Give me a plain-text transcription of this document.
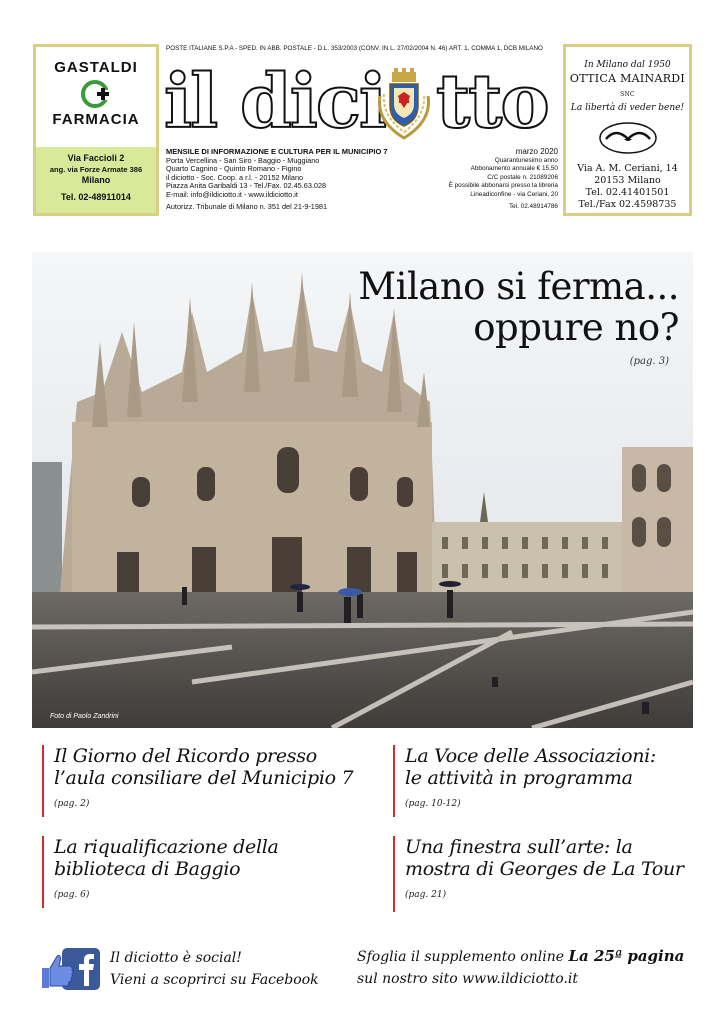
GASTALDI
FARMACIA
Via Faccioli 2
ang. via Forze Armate 386
Milano
Tel. 02-48911014
POSTE ITALIANE S.P.A - SPED. IN ABB. POSTALE - D.L. 353/2003 (CONV. IN L. 27/02/2004 N. 46) ART. 1, COMMA 1, DCB MILANO
il dici tto
MENSILE DI INFORMAZIONE E CULTURA PER IL MUNICIPIO 7
Porta Vercellina - San Siro - Baggio - Muggiano
Quarto Cagnino - Quinto Romano - Figino
il diciotto - Soc. Coop. a r.l. - 20152 Milano
Piazza Anita Garibaldi 13 - Tel./Fax. 02.45.63.028
E-mail: info@ildiciotto.it - www.ildiciotto.it
Autorizz. Tribunale di Milano n. 351 del 21-9-1981
marzo 2020
Quarantunesimo anno
Abbonamento annuale € 15,50
C/C postale n. 21089206
È possibile abbonarsi presso la libreria
Lineadiconfine - via Ceriani, 20
Tel. 02.48914786
In Milano dal 1950
OTTICA MAINARDI SNC
La libertà di veder bene!
Via A. M. Ceriani, 14
20153 Milano
Tel. 02.41401501
Tel./Fax 02.4598735
Milano si ferma...
oppure no?
(pag. 3)
Foto di Paolo Zandrini
Il Giorno del Ricordo presso
l’aula consiliare del Municipio 7
(pag. 2)
La riqualificazione della
biblioteca di Baggio
(pag. 6)
La Voce delle Associazioni:
le attività in programma
(pag. 10-12)
Una finestra sull’arte: la
mostra di Georges de La Tour
(pag. 21)
Il diciotto è social!
Vieni a scoprirci su Facebook
Sfoglia il supplemento online La 25ª pagina
sul nostro sito www.ildiciotto.it
